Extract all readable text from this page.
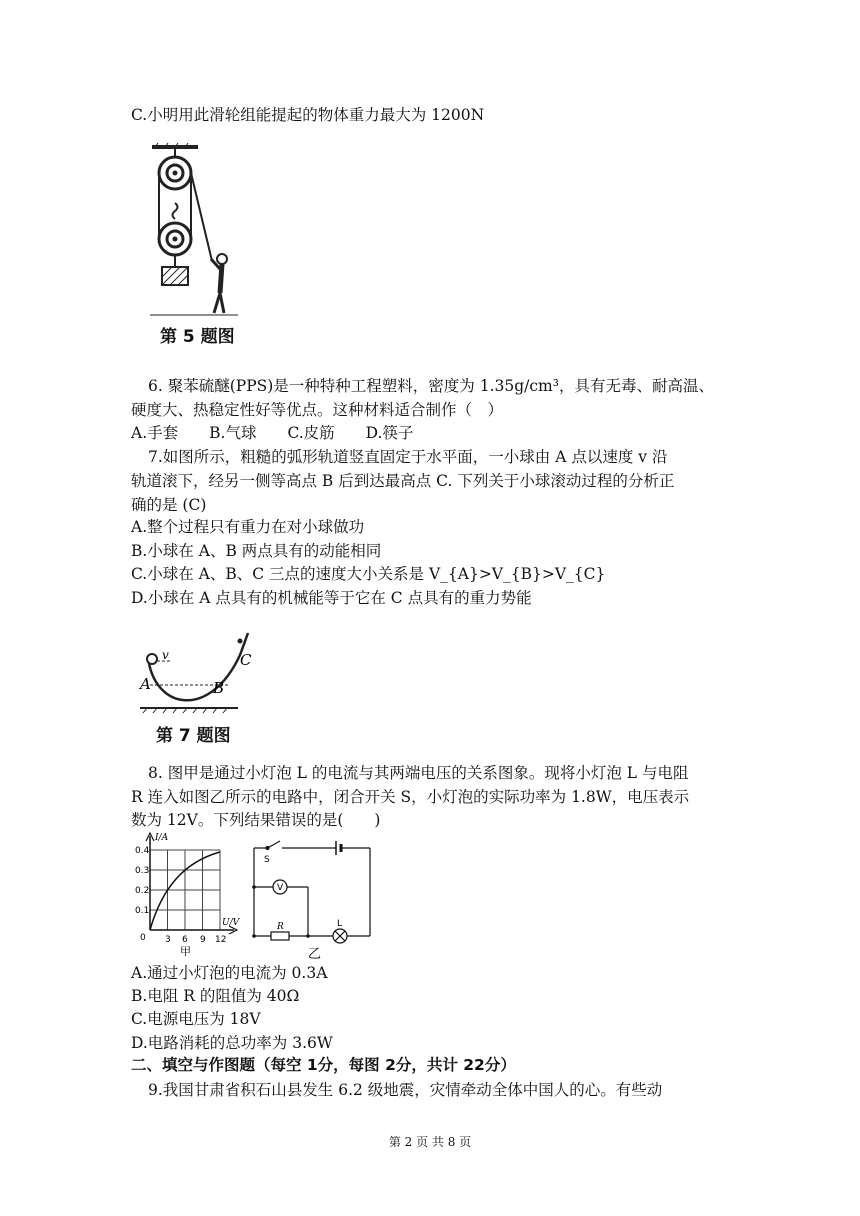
C.小明用此滑轮组能提起的物体重力最大为 1200N
第 5 题图
6. 聚苯硫醚(PPS)是一种特种工程塑料，密度为 1.35g/cm³，具有无毒、耐高温、
硬度大、热稳定性好等优点。这种材料适合制作（　）
A.手套　　B.气球　　C.皮筋　　D.筷子
7.如图所示，粗糙的弧形轨道竖直固定于水平面，一小球由 A 点以速度 v 沿
轨道滚下，经另一侧等高点 B 后到达最高点 C. 下列关于小球滚动过程的分析正
确的是 (C)
A.整个过程只有重力在对小球做功
B.小球在 A、B 两点具有的动能相同
C.小球在 A、B、C 三点的速度大小关系是 V_{A}>V_{B}>V_{C}
D.小球在 A 点具有的机械能等于它在 C 点具有的重力势能
v
A	B
C
第 7 题图
8. 图甲是通过小灯泡 L 的电流与其两端电压的关系图象。现将小灯泡 L 与电阻
R 连入如图乙所示的电路中，闭合开关 S，小灯泡的实际功率为 1.8W，电压表示
数为 12V。下列结果错误的是(　　)
I/A
U/V
0
0.4
0.3
0.2
0.1
3 6 9 12
甲
S
V
R	L
乙
A.通过小灯泡的电流为 0.3A
B.电阻 R 的阻值为 40Ω
C.电源电压为 18V
D.电路消耗的总功率为 3.6W
二、填空与作图题（每空 1分，每图 2分，共计 22分）
9.我国甘肃省积石山县发生 6.2 级地震，灾情牵动全体中国人的心。有些动
第 2 页 共 8 页
